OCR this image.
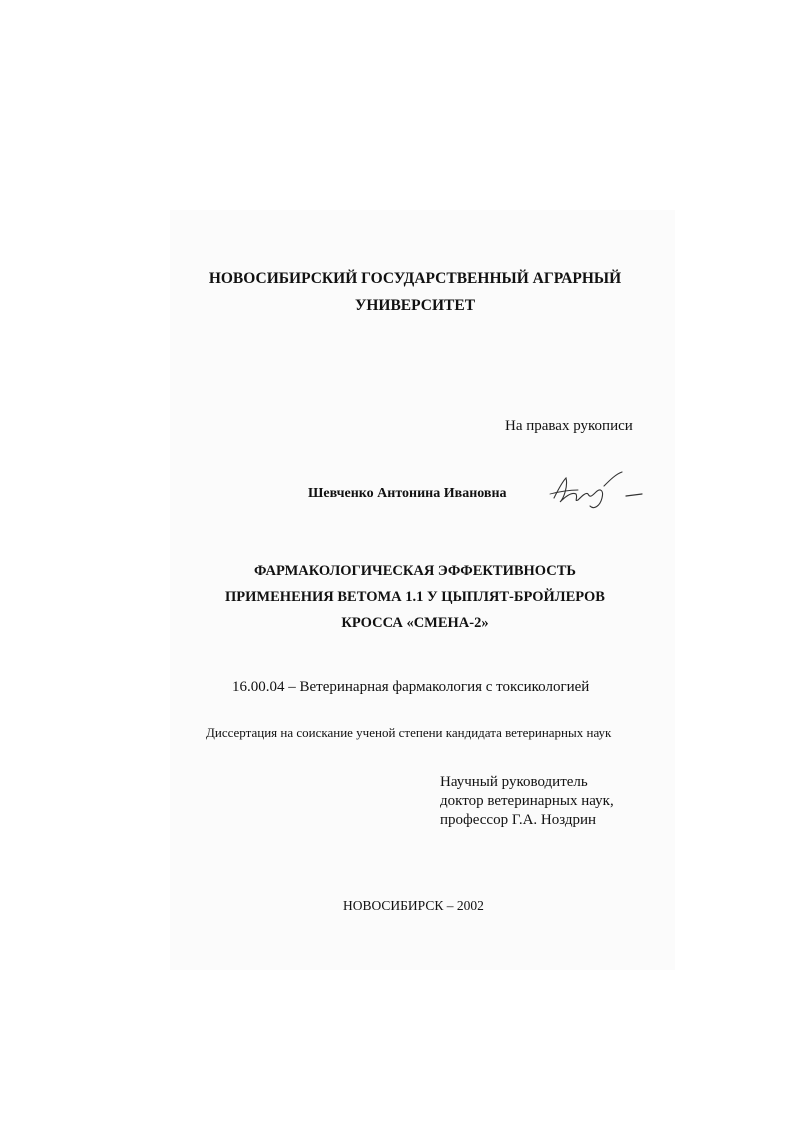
НОВОСИБИРСКИЙ ГОСУДАРСТВЕННЫЙ АГРАРНЫЙ
УНИВЕРСИТЕТ
На правах рукописи
Шевченко Антонина Ивановна
ФАРМАКОЛОГИЧЕСКАЯ ЭФФЕКТИВНОСТЬ
ПРИМЕНЕНИЯ ВЕТОМА 1.1 У ЦЫПЛЯТ-БРОЙЛЕРОВ
КРОССА «СМЕНА-2»
16.00.04 – Ветеринарная фармакология с токсикологией
Диссертация на соискание ученой степени кандидата ветеринарных наук
Научный руководитель
доктор ветеринарных наук,
профессор Г.А. Ноздрин
НОВОСИБИРСК – 2002
